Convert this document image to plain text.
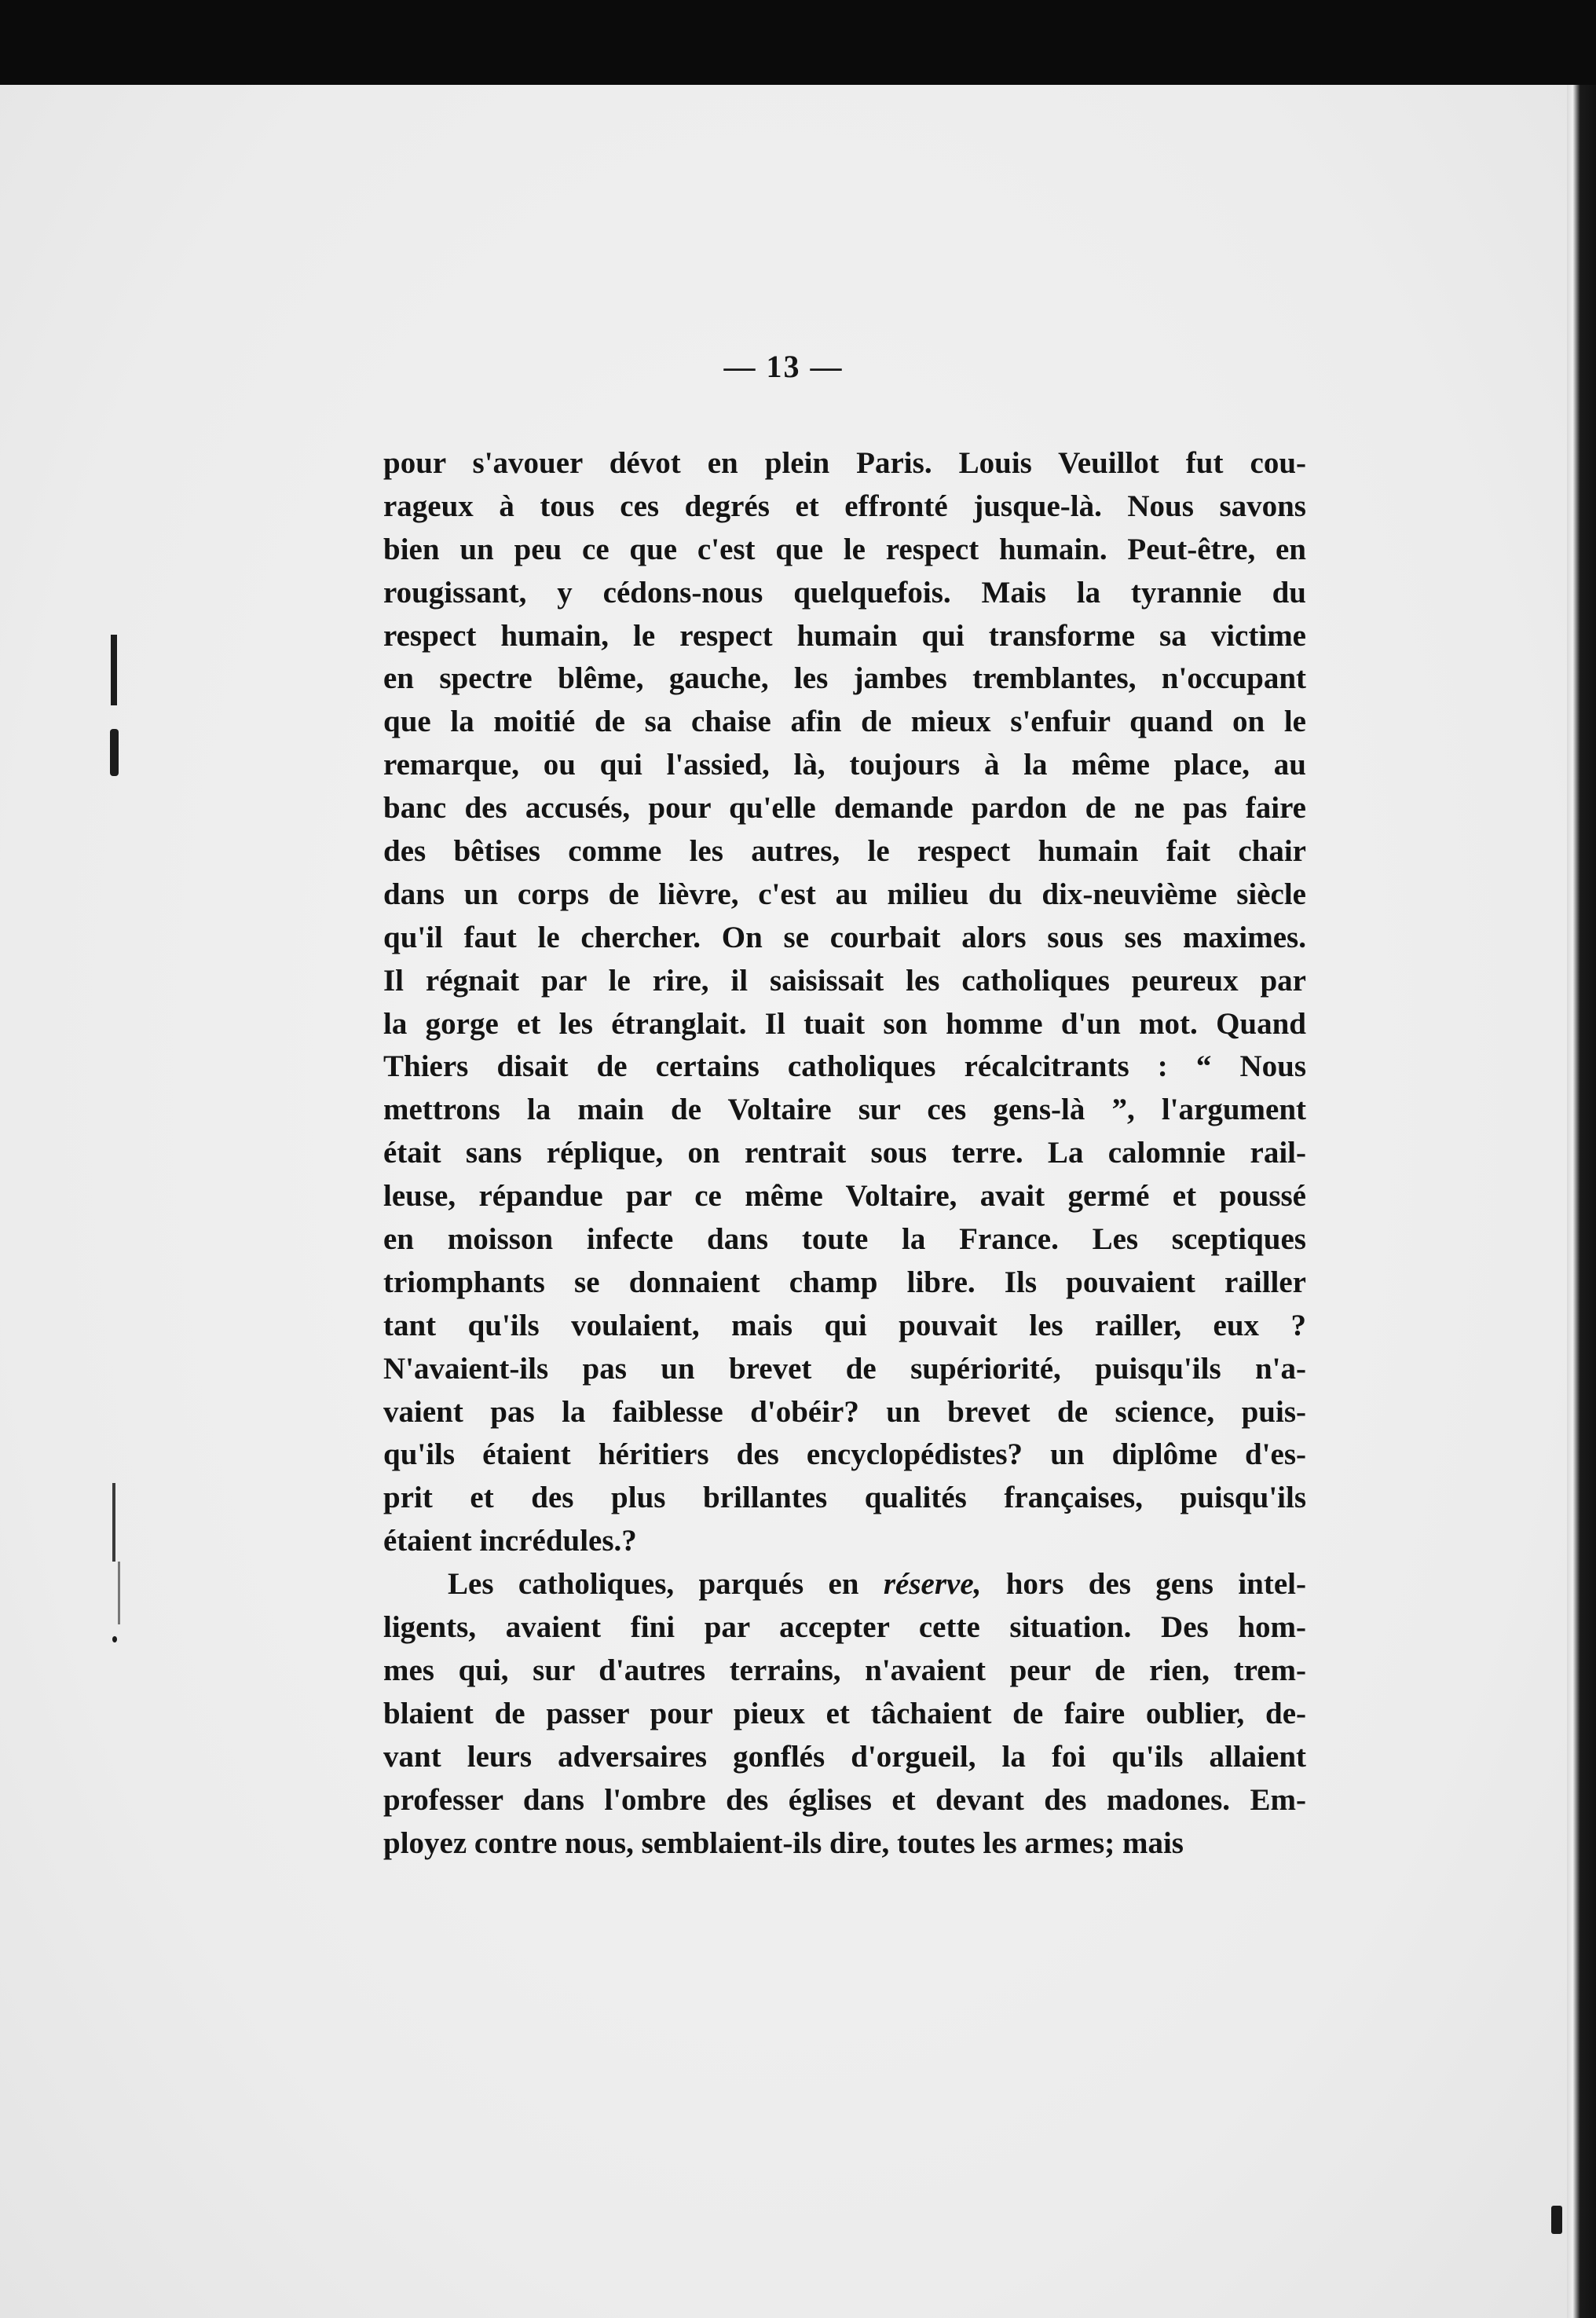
— 13 —
pour s'avouer dévot en plein Paris. Louis Veuillot fut cou-
rageux à tous ces degrés et effronté jusque-là. Nous savons
bien un peu ce que c'est que le respect humain. Peut-être, en
rougissant, y cédons-nous quelquefois. Mais la tyrannie du
respect humain, le respect humain qui transforme sa victime
en spectre blême, gauche, les jambes tremblantes, n'occupant
que la moitié de sa chaise afin de mieux s'enfuir quand on le
remarque, ou qui l'assied, là, toujours à la même place, au
banc des accusés, pour qu'elle demande pardon de ne pas faire
des bêtises comme les autres, le respect humain fait chair
dans un corps de lièvre, c'est au milieu du dix-neuvième siècle
qu'il faut le chercher. On se courbait alors sous ses maximes.
Il régnait par le rire, il saisissait les catholiques peureux par
la gorge et les étranglait. Il tuait son homme d'un mot. Quand
Thiers disait de certains catholiques récalcitrants : “ Nous
mettrons la main de Voltaire sur ces gens-là ”, l'argument
était sans réplique, on rentrait sous terre. La calomnie rail-
leuse, répandue par ce même Voltaire, avait germé et poussé
en moisson infecte dans toute la France. Les sceptiques
triomphants se donnaient champ libre. Ils pouvaient railler
tant qu'ils voulaient, mais qui pouvait les railler, eux ?
N'avaient-ils pas un brevet de supériorité, puisqu'ils n'a-
vaient pas la faiblesse d'obéir? un brevet de science, puis-
qu'ils étaient héritiers des encyclopédistes? un diplôme d'es-
prit et des plus brillantes qualités françaises, puisqu'ils
étaient incrédules.?
Les catholiques, parqués en réserve, hors des gens intel-
ligents, avaient fini par accepter cette situation. Des hom-
mes qui, sur d'autres terrains, n'avaient peur de rien, trem-
blaient de passer pour pieux et tâchaient de faire oublier, de-
vant leurs adversaires gonflés d'orgueil, la foi qu'ils allaient
professer dans l'ombre des églises et devant des madones. Em-
ployez contre nous, semblaient-ils dire, toutes les armes; mais
